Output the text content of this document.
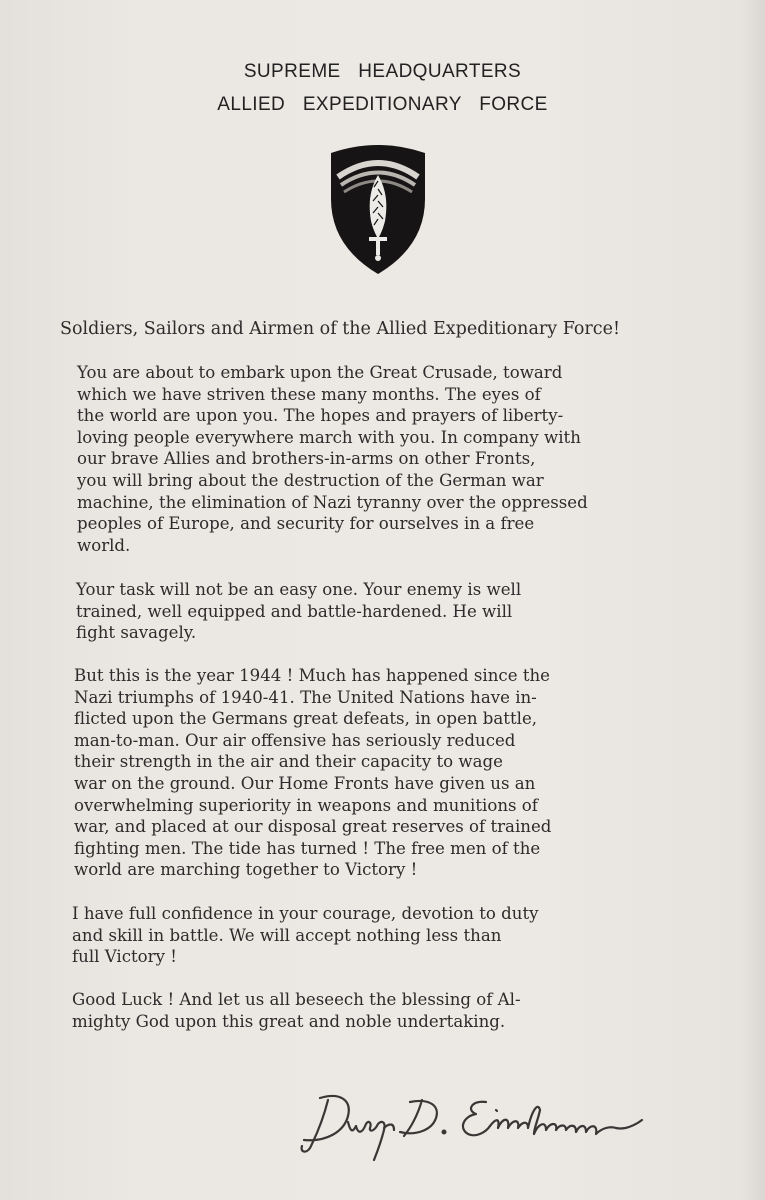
SUPREME HEADQUARTERS
ALLIED EXPEDITIONARY FORCE
Soldiers, Sailors and Airmen of the Allied Expeditionary Force!
You are about to embark upon the Great Crusade, toward
which we have striven these many months. The eyes of
the world are upon you. The hopes and prayers of liberty-
loving people everywhere march with you. In company with
our brave Allies and brothers-in-arms on other Fronts,
you will bring about the destruction of the German war
machine, the elimination of Nazi tyranny over the oppressed
peoples of Europe, and security for ourselves in a free
world.
Your task will not be an easy one. Your enemy is well
trained, well equipped and battle-hardened. He will
fight savagely.
But this is the year 1944 ! Much has happened since the
Nazi triumphs of 1940-41. The United Nations have in-
flicted upon the Germans great defeats, in open battle,
man-to-man. Our air offensive has seriously reduced
their strength in the air and their capacity to wage
war on the ground. Our Home Fronts have given us an
overwhelming superiority in weapons and munitions of
war, and placed at our disposal great reserves of trained
fighting men. The tide has turned ! The free men of the
world are marching together to Victory !
I have full confidence in your courage, devotion to duty
and skill in battle. We will accept nothing less than
full Victory !
Good Luck ! And let us all beseech the blessing of Al-
mighty God upon this great and noble undertaking.
